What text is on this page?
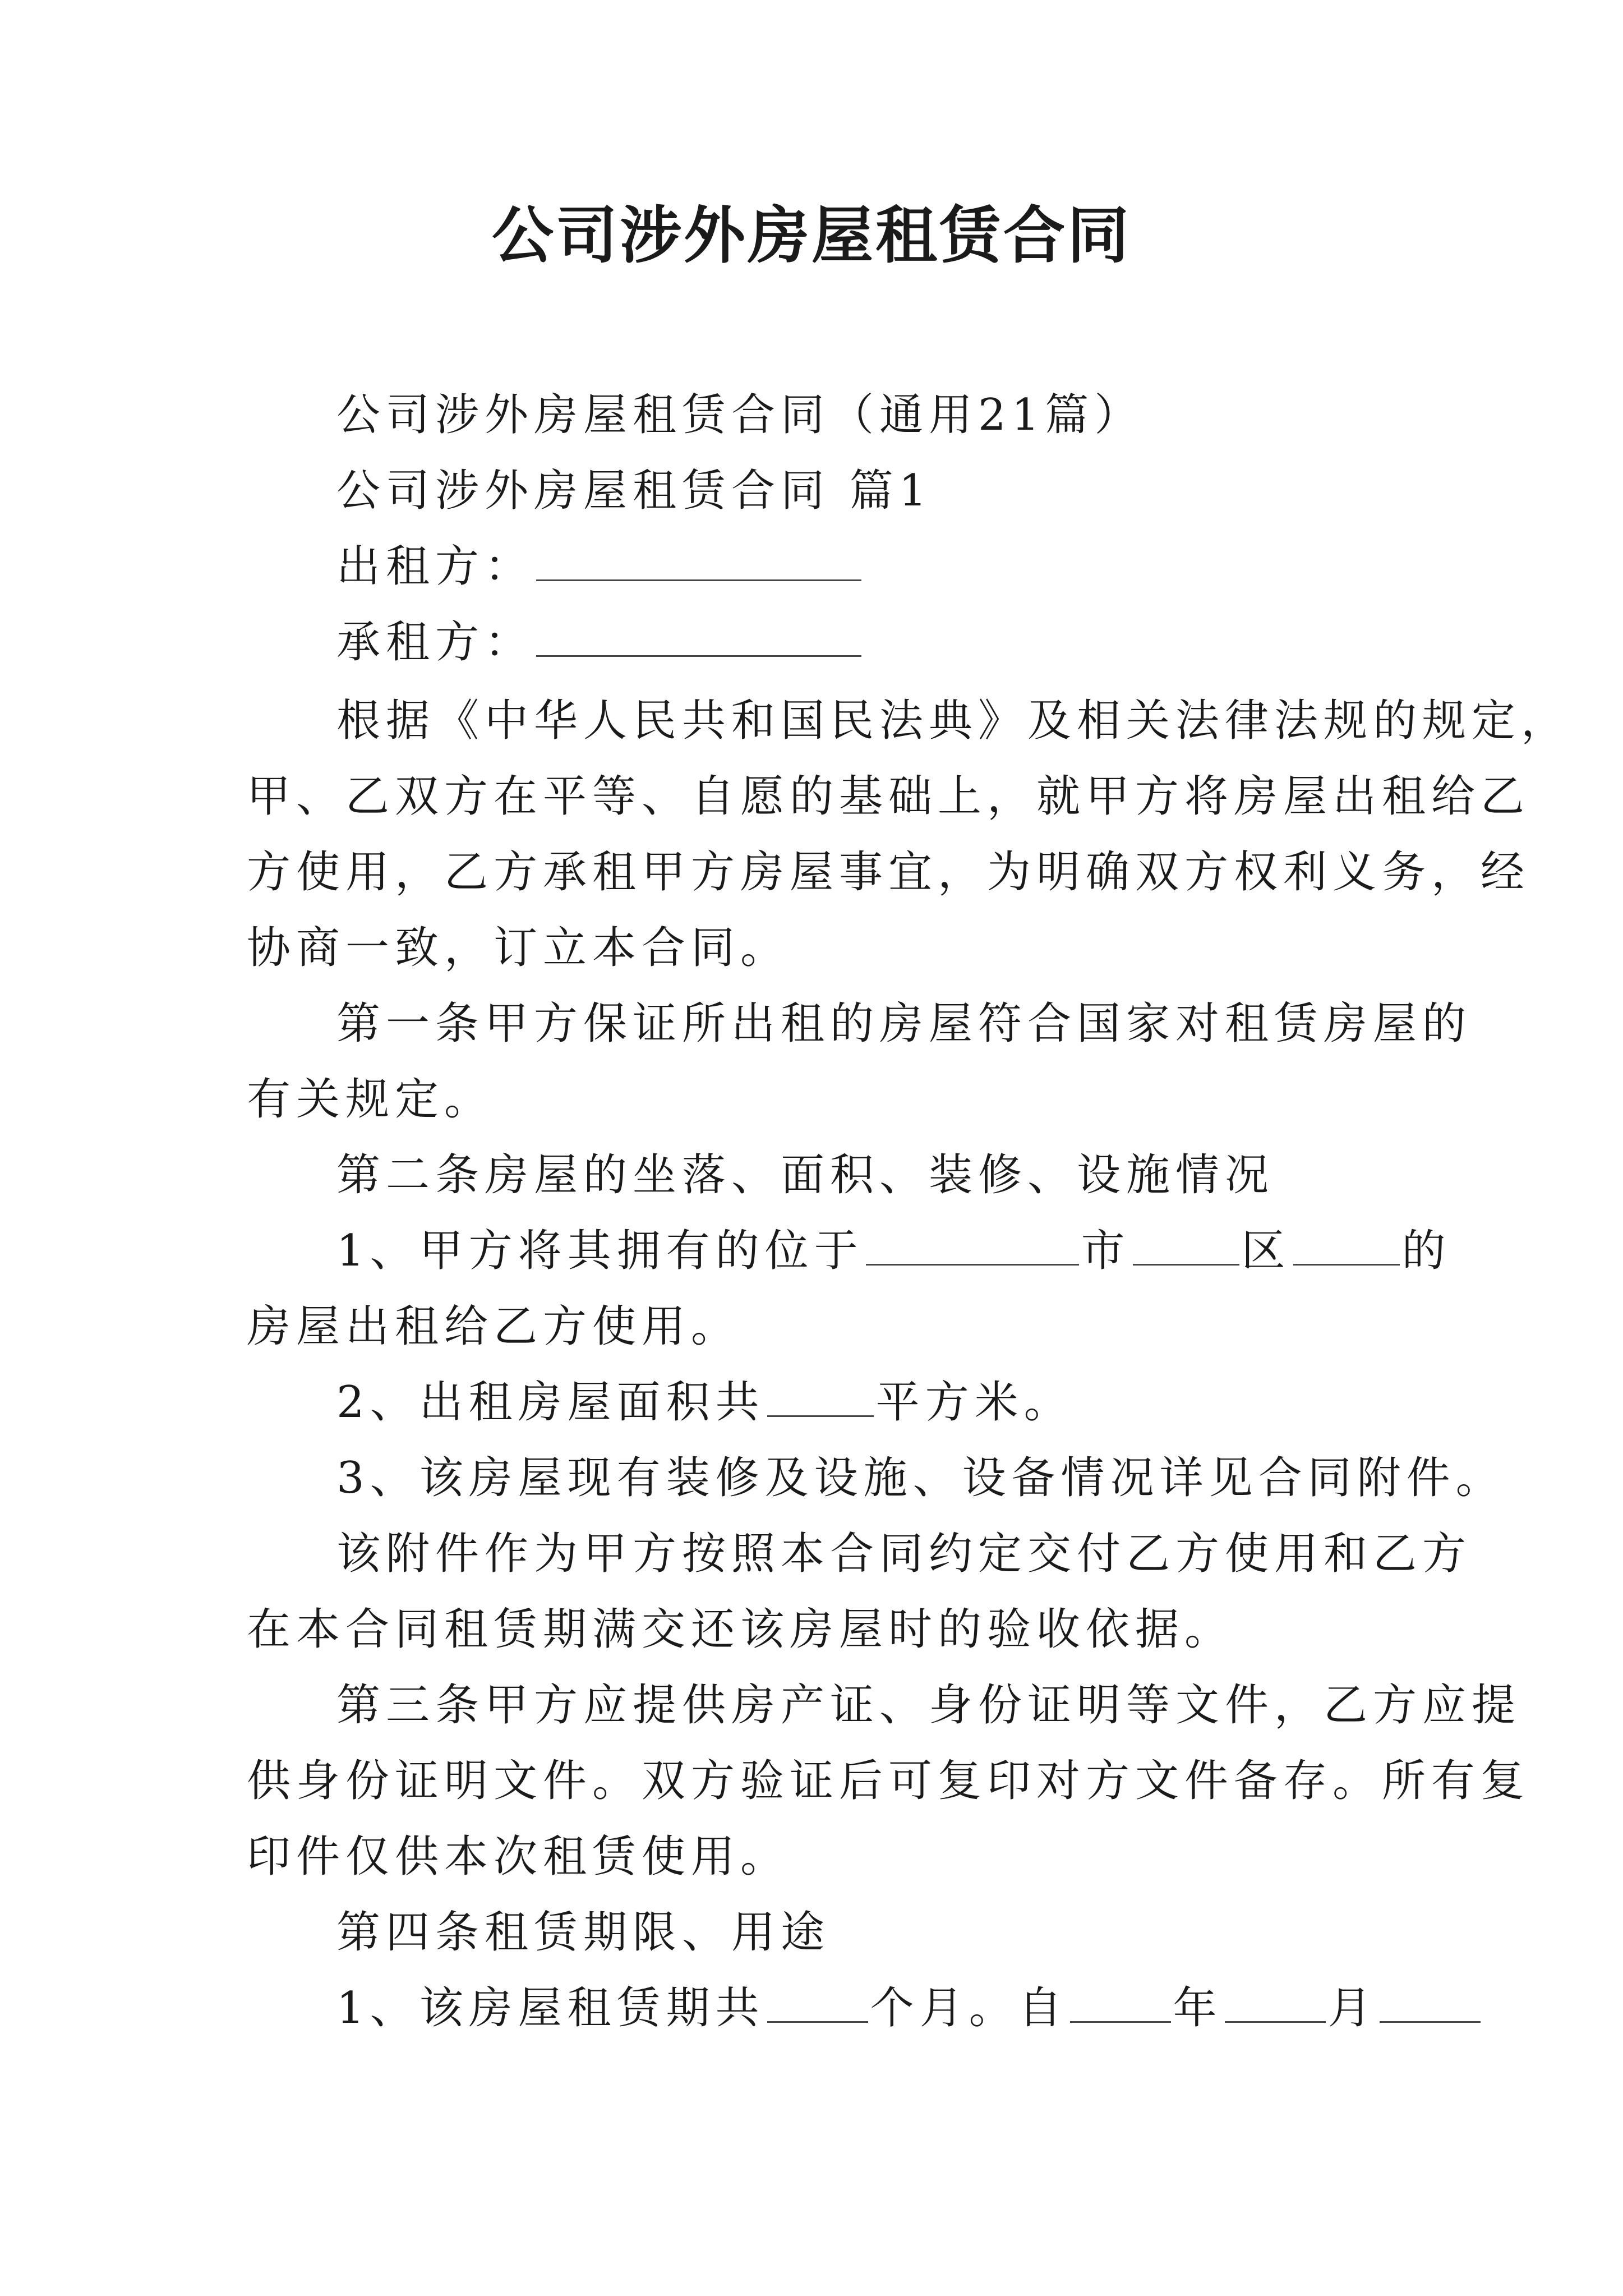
公司涉外房屋租赁合同
公司涉外房屋租赁合同（通用21篇）
公司涉外房屋租赁合同 篇1
出租方：
承租方：
根据《中华人民共和国民法典》及相关法律法规的规定，
甲、乙双方在平等、自愿的基础上，就甲方将房屋出租给乙
方使用，乙方承租甲方房屋事宜，为明确双方权利义务，经
协商一致，订立本合同。
第一条甲方保证所出租的房屋符合国家对租赁房屋的
有关规定。
第二条房屋的坐落、面积、装修、设施情况
1、甲方将其拥有的位于	市	区	的
房屋出租给乙方使用。
2、出租房屋面积共	平方米。
3、该房屋现有装修及设施、设备情况详见合同附件。
该附件作为甲方按照本合同约定交付乙方使用和乙方
在本合同租赁期满交还该房屋时的验收依据。
第三条甲方应提供房产证、身份证明等文件，乙方应提
供身份证明文件。双方验证后可复印对方文件备存。所有复
印件仅供本次租赁使用。
第四条租赁期限、用途
1、该房屋租赁期共 个月。自 年 月
